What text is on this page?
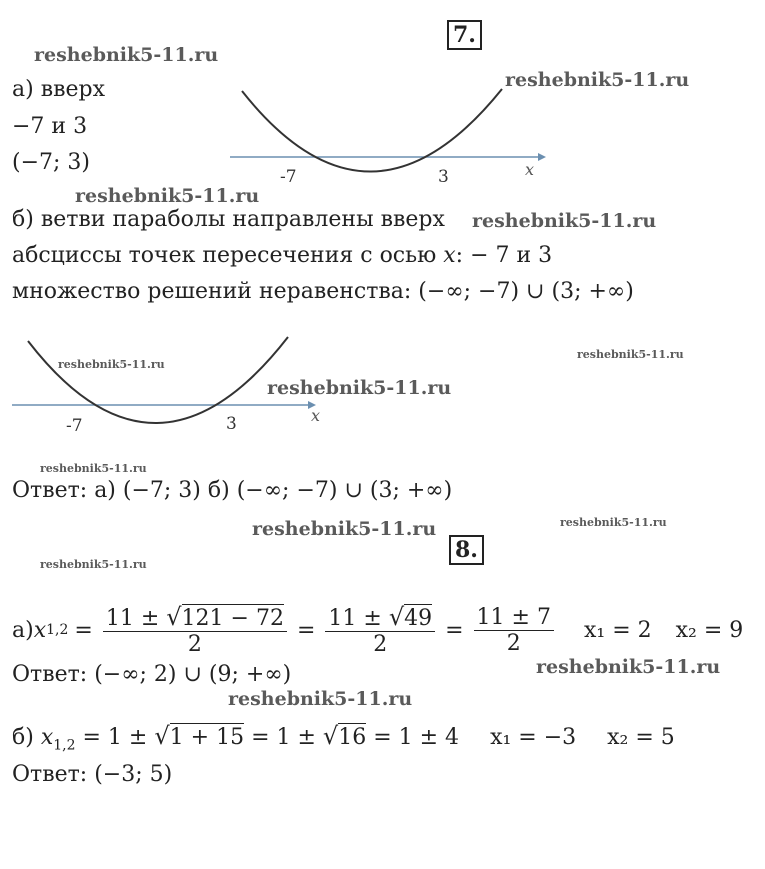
7.
reshebnik5-11.ru
reshebnik5-11.ru
reshebnik5-11.ru
reshebnik5-11.ru
reshebnik5-11.ru
reshebnik5-11.ru
reshebnik5-11.ru
reshebnik5-11.ru
reshebnik5-11.ru	reshebnik5-11.ru
reshebnik5-11.ru
reshebnik5-11.ru
reshebnik5-11.ru
а) вверх
−7 и 3
(−7; 3)
-7	3	x
б) ветви параболы направлены вверх
абсциссы точек пересечения с осью 𝑥: − 7 и 3
множество решений неравенства: (−∞; −7) ∪ (3; +∞)
-7	3	x
Ответ: а) (−7; 3) б) (−∞; −7) ∪ (3; +∞)
8.
а) x $1,2 = \frac{11 \pm √121 - 72}{2} = \frac{11 \pm √49}{2} = \frac{11 \pm 7}{2} x_1 = 2$ x₂ = 9
Ответ: (−∞; 2) ∪ (9; +∞)
б) $x_{1,2} = 1 \pm √1 + 15 = 1 \pm √16 = 1 \pm 4$ x₁ = −3 x₂ = 5
Ответ: (−3; 5)
